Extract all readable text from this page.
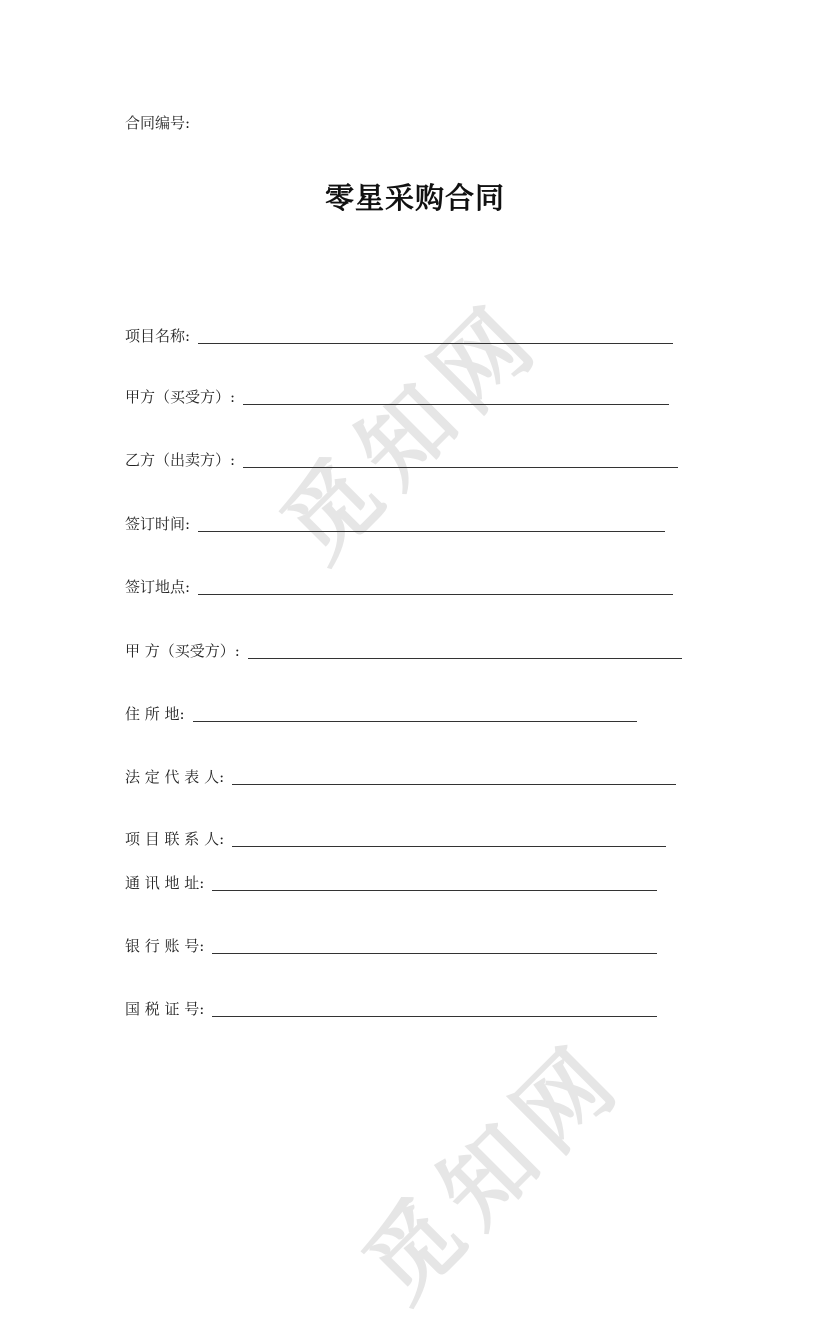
觅知网
觅知网
合同编号:
零星采购合同
项目名称:
甲方（买受方）:
乙方（出卖方）:
签订时间:
签订地点:
甲 方（买受方）:
住 所 地:
法 定 代 表 人:
项 目 联 系 人:
通 讯 地 址:
银 行 账 号:
国 税 证 号:
